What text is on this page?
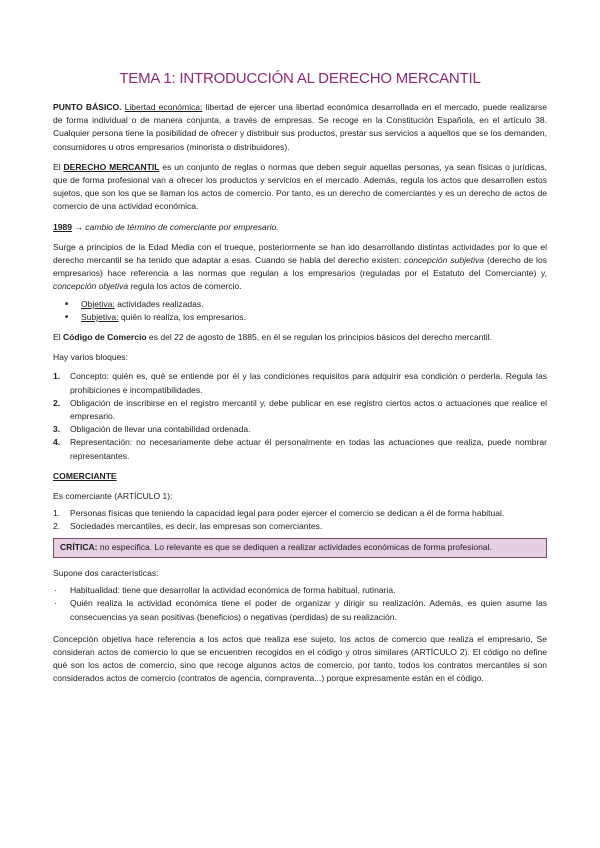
TEMA 1: INTRODUCCIÓN AL DERECHO MERCANTIL

PUNTO BÁSICO. Libertad económica: libertad de ejercer una libertad económica desarrollada en el mercado, puede realizarse de forma individual o de manera conjunta, a través de empresas. Se recoge en la Constitución Española, en el artículo 38. Cualquier persona tiene la posibilidad de ofrecer y distribuir sus productos, prestar sus servicios a aquellos que se los demanden, consumidores u otros empresarios (minorista o distribuidores).

El DERECHO MERCANTIL es un conjunto de reglas o normas que deben seguir aquellas personas, ya sean físicas o jurídicas, que de forma profesional van a ofrecer los productos y servicios en el mercado. Además, regula los actos que desarrollen estos sujetos, que son los que se llaman los actos de comercio. Por tanto, es un derecho de comerciantes y es un derecho de actos de comercio de una actividad económica.

1989 → cambio de término de comerciante por empresario.

Surge a principios de la Edad Media con el trueque, posteriormente se han ido desarrollando distintas actividades por lo que el derecho mercantil se ha tenido que adaptar a esas. Cuando se habla del derecho existen: concepción subjetiva (derecho de los empresarios) hace referencia a las normas que regulan a los empresarios (reguladas por el Estatuto del Comerciante) y, concepción objetiva regula los actos de comercio.

■ Objetiva: actividades realizadas.
■ Subjetiva: quién lo realiza, los empresarios.

El Código de Comercio es del 22 de agosto de 1885, en él se regulan los principios básicos del derecho mercantil.

Hay varios bloques:

1. Concepto: quién es, qué se entiende por él y las condiciones requisitos para adquirir esa condición o perderla. Regula las prohibiciones e incompatibilidades.
2. Obligación de inscribirse en el registro mercantil y, debe publicar en ese registro ciertos actos o actuaciones que realice el empresario.
3. Obligación de llevar una contabilidad ordenada.
4. Representación: no necesariamente debe actuar él personalmente en todas las actuaciones que realiza, puede nombrar representantes.

COMERCIANTE

Es comerciante (ARTÍCULO 1):

1. Personas físicas que teniendo la capacidad legal para poder ejercer el comercio se dedican a él de forma habitual.
2. Sociedades mercantiles, es decir, las empresas son comerciantes.
CRÍTICA: no especifica. Lo relevante es que se dediquen a realizar actividades económicas de forma profesional.

Supone dos características:

· Habitualidad: tiene que desarrollar la actividad económica de forma habitual, rutinaria.
· Quién realiza la actividad económica tiene el poder de organizar y dirigir su realización. Además, es quien asume las consecuencias ya sean positivas (beneficios) o negativas (perdidas) de su realización.

Concepción objetiva hace referencia a los actos que realiza ese sujeto, los actos de comercio que realiza el empresario, Se consideran actos de comercio lo que se encuentren recogidos en el código y otros similares (ARTÍCULO 2). El código no define qué son los actos de comercio, sino que recoge algunos actos de comercio, por tanto, todos los contratos mercantiles si son considerados actos de comercio (contratos de agencia, compraventa...) porque expresamente están en el código.
